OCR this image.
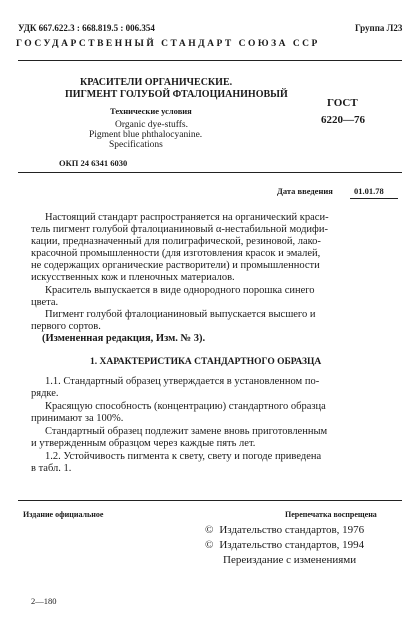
УДК 667.622.3 : 668.819.5 : 006.354	Группа Л23
ГОСУДАРСТВЕННЫЙ СТАНДАРТ СОЮЗА ССР
КРАСИТЕЛИ ОРГАНИЧЕСКИЕ.
ПИГМЕНТ ГОЛУБОЙ ФТАЛОЦИАНИНОВЫЙ
Технические условия
Organic dye-stuffs.
Pigment blue phthalocyanine.
Specifications
ГОСТ
6220—76
ОКП 24 6341 6030
Дата введения 01.01.78
Настоящий стандарт распространяется на органический краси-
тель пигмент голубой фталоцианиновый α-нестабильной модифи-
кации, предназначенный для полиграфической, резиновой, лако-
красочной промышленности (для изготовления красок и эмалей,
не содержащих органические растворители) и промышленности
искусственных кож и пленочных материалов.
Краситель выпускается в виде однородного порошка синего
цвета.
Пигмент голубой фталоцианиновый выпускается высшего и
первого сортов.
(Измененная редакция, Изм. № 3).
1. ХАРАКТЕРИСТИКА СТАНДАРТНОГО ОБРАЗЦА
1.1. Стандартный образец утверждается в установленном по-
рядке.
Красящую способность (концентрацию) стандартного образца
принимают за 100%.
Стандартный образец подлежит замене вновь приготовленным
и утвержденным образцом через каждые пять лет.
1.2. Устойчивость пигмента к свету, свету и погоде приведена
в табл. 1.
Издание официальное	Перепечатка воспрещена
© Издательство стандартов, 1976
© Издательство стандартов, 1994
Переиздание с изменениями
2—180
